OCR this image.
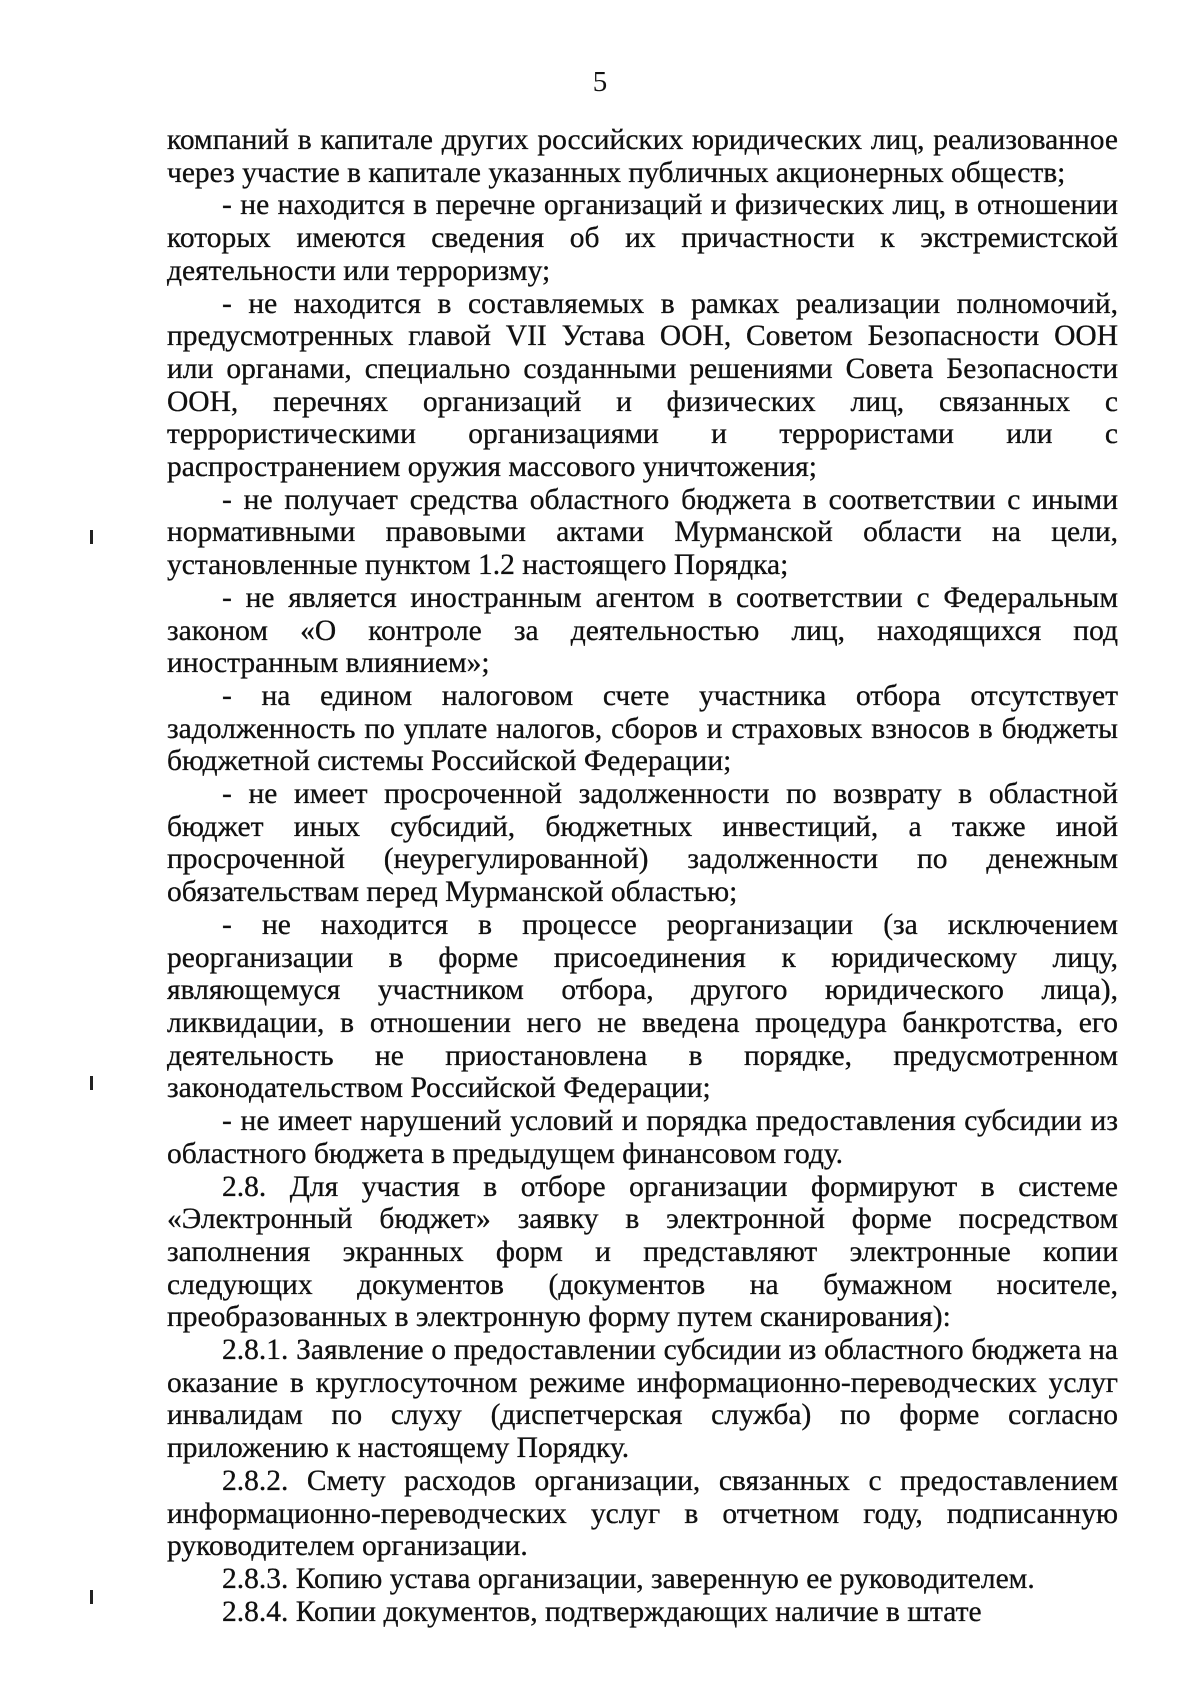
5

компаний в капитале других российских юридических лиц, реализованное через участие в капитале указанных публичных акционерных обществ;

- не находится в перечне организаций и физических лиц, в отношении которых имеются сведения об их причастности к экстремистской деятельности или терроризму;

- не находится в составляемых в рамках реализации полномочий, предусмотренных главой VII Устава ООН, Советом Безопасности ООН или органами, специально созданными решениями Совета Безопасности ООН, перечнях организаций и физических лиц, связанных с террористическими организациями и террористами или с распространением оружия массового уничтожения;

- не получает средства областного бюджета в соответствии с иными нормативными правовыми актами Мурманской области на цели, установленные пунктом 1.2 настоящего Порядка;

- не является иностранным агентом в соответствии с Федеральным законом «О контроле за деятельностью лиц, находящихся под иностранным влиянием»;

- на едином налоговом счете участника отбора отсутствует задолженность по уплате налогов, сборов и страховых взносов в бюджеты бюджетной системы Российской Федерации;

- не имеет просроченной задолженности по возврату в областной бюджет иных субсидий, бюджетных инвестиций, а также иной просроченной (неурегулированной) задолженности по денежным обязательствам перед Мурманской областью;

- не находится в процессе реорганизации (за исключением реорганизации в форме присоединения к юридическому лицу, являющемуся участником отбора, другого юридического лица), ликвидации, в отношении него не введена процедура банкротства, его деятельность не приостановлена в порядке, предусмотренном законодательством Российской Федерации;

- не имеет нарушений условий и порядка предоставления субсидии из областного бюджета в предыдущем финансовом году.

2.8. Для участия в отборе организации формируют в системе «Электронный бюджет» заявку в электронной форме посредством заполнения экранных форм и представляют электронные копии следующих документов (документов на бумажном носителе, преобразованных в электронную форму путем сканирования):

2.8.1. Заявление о предоставлении субсидии из областного бюджета на оказание в круглосуточном режиме информационно-переводческих услуг инвалидам по слуху (диспетчерская служба) по форме согласно приложению к настоящему Порядку.

2.8.2. Смету расходов организации, связанных с предоставлением информационно-переводческих услуг в отчетном году, подписанную руководителем организации.

2.8.3. Копию устава организации, заверенную ее руководителем.

2.8.4. Копии документов, подтверждающих наличие в штате
